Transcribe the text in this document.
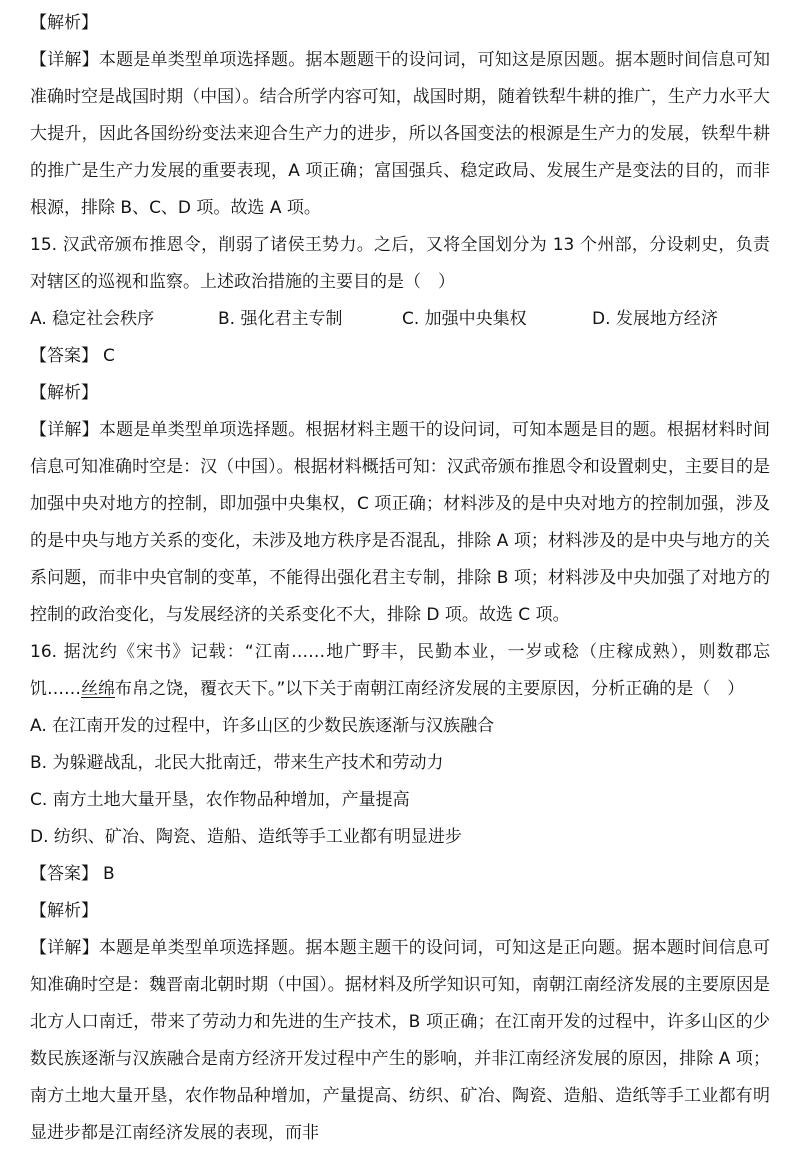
【解析】

【详解】本题是单类型单项选择题。据本题题干的设问词，可知这是原因题。据本题时间信息可知准确时空是战国时期（中国）。结合所学内容可知，战国时期，随着铁犁牛耕的推广，生产力水平大大提升，因此各国纷纷变法来迎合生产力的进步，所以各国变法的根源是生产力的发展，铁犁牛耕的推广是生产力发展的重要表现，A 项正确；富国强兵、稳定政局、发展生产是变法的目的，而非根源，排除 B、C、D 项。故选 A 项。

15. 汉武帝颁布推恩令，削弱了诸侯王势力。之后，又将全国划分为 13 个州部，分设刺史，负责对辖区的巡视和监察。上述政治措施的主要目的是（　）

A. 稳定社会秩序	B. 强化君主专制	C. 加强中央集权	D. 发展地方经济

【答案】 C

【解析】

【详解】本题是单类型单项选择题。根据材料主题干的设问词，可知本题是目的题。根据材料时间信息可知准确时空是：汉（中国）。根据材料概括可知：汉武帝颁布推恩令和设置刺史，主要目的是加强中央对地方的控制，即加强中央集权，C 项正确；材料涉及的是中央对地方的控制加强，涉及的是中央与地方关系的变化，未涉及地方秩序是否混乱，排除 A 项；材料涉及的是中央与地方的关系问题，而非中央官制的变革，不能得出强化君主专制，排除 B 项；材料涉及中央加强了对地方的控制的政治变化，与发展经济的关系变化不大，排除 D 项。故选 C 项。

16. 据沈约《宋书》记载：“江南……地广野丰，民勤本业，一岁或稔（庄稼成熟），则数郡忘饥……丝绵布帛之饶，覆衣天下。”以下关于南朝江南经济发展的主要原因，分析正确的是（　）

A. 在江南开发的过程中，许多山区的少数民族逐渐与汉族融合

B. 为躲避战乱，北民大批南迁，带来生产技术和劳动力

C. 南方土地大量开垦，农作物品种增加，产量提高

D. 纺织、矿冶、陶瓷、造船、造纸等手工业都有明显进步

【答案】 B

【解析】

【详解】本题是单类型单项选择题。据本题主题干的设问词，可知这是正向题。据本题时间信息可知准确时空是：魏晋南北朝时期（中国）。据材料及所学知识可知，南朝江南经济发展的主要原因是北方人口南迁，带来了劳动力和先进的生产技术，B 项正确；在江南开发的过程中，许多山区的少数民族逐渐与汉族融合是南方经济开发过程中产生的影响，并非江南经济发展的原因，排除 A 项；南方土地大量开垦，农作物品种增加，产量提高、纺织、矿冶、陶瓷、造船、造纸等手工业都有明显进步都是江南经济发展的表现，而非
